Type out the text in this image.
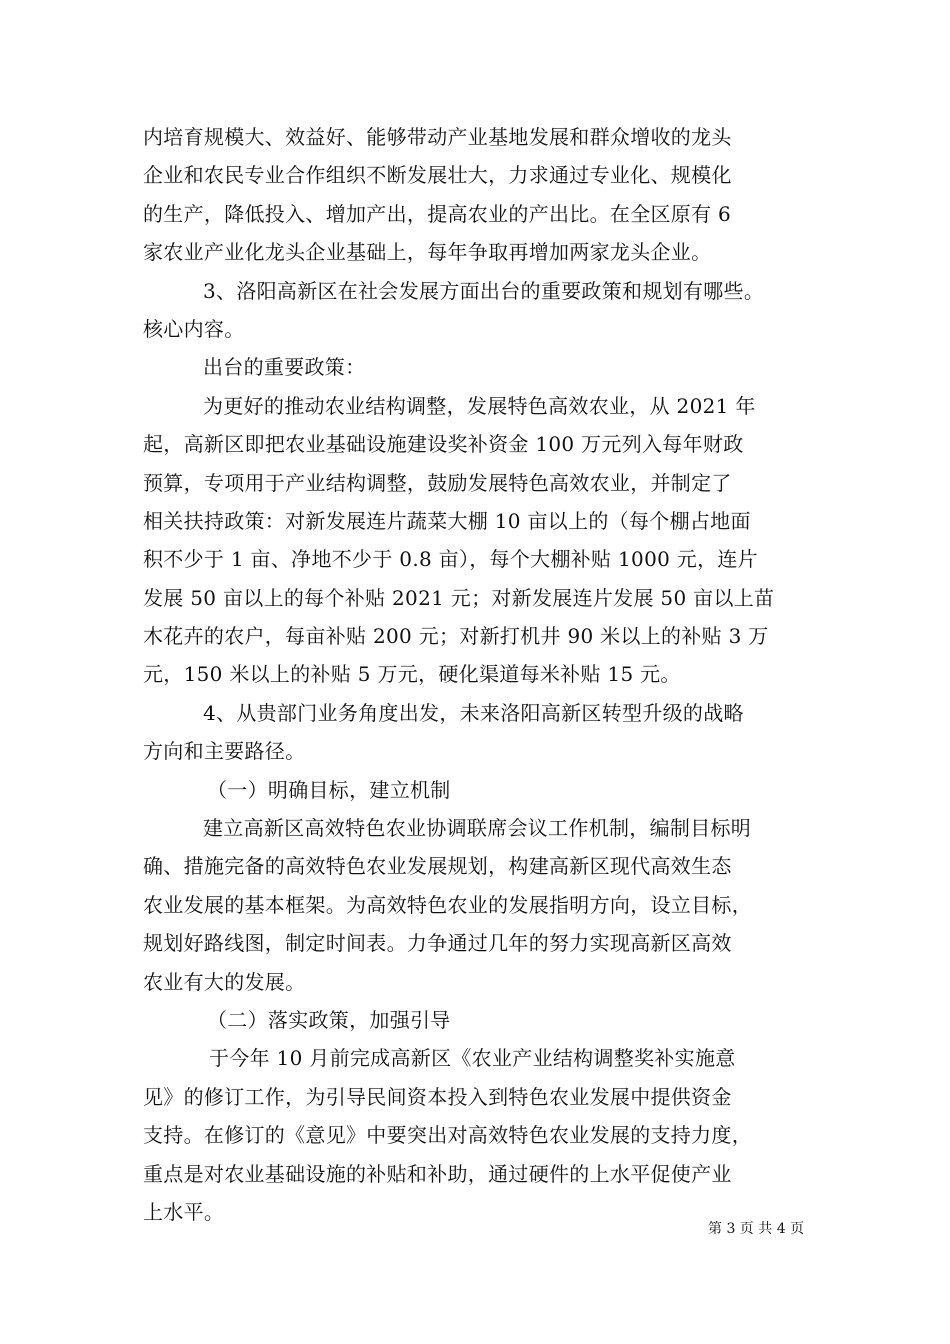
内培育规模大、效益好、能够带动产业基地发展和群众增收的龙头
企业和农民专业合作组织不断发展壮大，力求通过专业化、规模化
的生产，降低投入、增加产出，提高农业的产出比。在全区原有 6
家农业产业化龙头企业基础上，每年争取再增加两家龙头企业。
3、洛阳高新区在社会发展方面出台的重要政策和规划有哪些。
核心内容。
出台的重要政策：
为更好的推动农业结构调整，发展特色高效农业，从 2021 年
起，高新区即把农业基础设施建设奖补资金 100 万元列入每年财政
预算，专项用于产业结构调整，鼓励发展特色高效农业，并制定了
相关扶持政策：对新发展连片蔬菜大棚 10 亩以上的（每个棚占地面
积不少于 1 亩、净地不少于 0.8 亩），每个大棚补贴 1000 元，连片
发展 50 亩以上的每个补贴 2021 元；对新发展连片发展 50 亩以上苗
木花卉的农户，每亩补贴 200 元；对新打机井 90 米以上的补贴 3 万
元，150 米以上的补贴 5 万元，硬化渠道每米补贴 15 元。
4、从贵部门业务角度出发，未来洛阳高新区转型升级的战略
方向和主要路径。
（一）明确目标，建立机制
建立高新区高效特色农业协调联席会议工作机制，编制目标明
确、措施完备的高效特色农业发展规划，构建高新区现代高效生态
农业发展的基本框架。为高效特色农业的发展指明方向，设立目标，
规划好路线图，制定时间表。力争通过几年的努力实现高新区高效
农业有大的发展。
（二）落实政策，加强引导
于今年 10 月前完成高新区《农业产业结构调整奖补实施意
见》的修订工作，为引导民间资本投入到特色农业发展中提供资金
支持。在修订的《意见》中要突出对高效特色农业发展的支持力度，
重点是对农业基础设施的补贴和补助，通过硬件的上水平促使产业
上水平。
第 3 页 共 4 页
